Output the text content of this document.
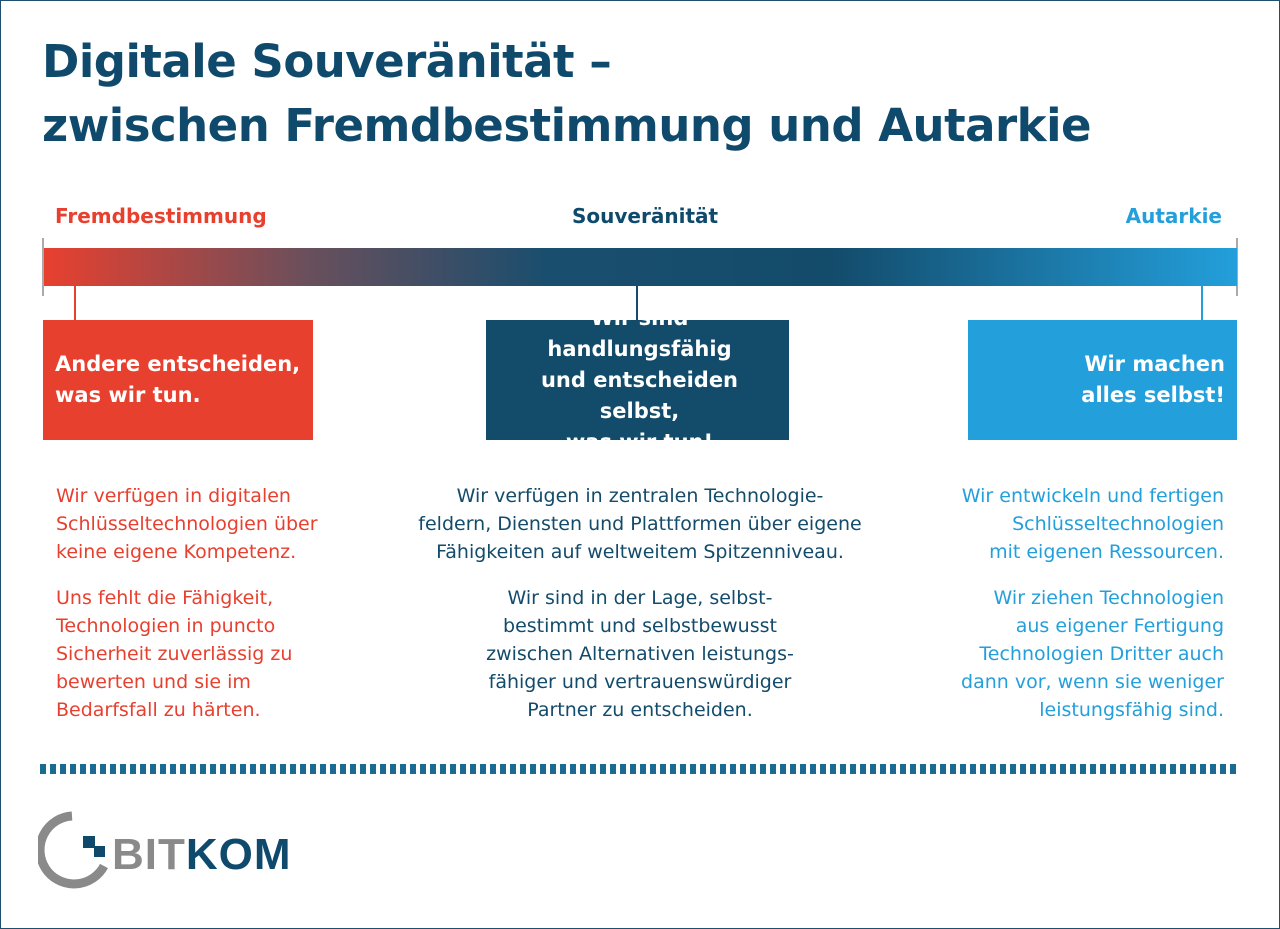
Digitale Souveränität –
zwischen Fremdbestimmung und Autarkie
Fremdbestimmung	Souveränität	Autarkie
Andere entscheiden,
was wir tun.
Wir sind handlungsfähig
und entscheiden selbst,
was wir tun!
Wir machen
alles selbst!

Wir verfügen in digitalen
Schlüsseltechnologien über
keine eigene Kompetenz.

Uns fehlt die Fähigkeit,
Technologien in puncto
Sicherheit zuverlässig zu
bewerten und sie im
Bedarfsfall zu härten.

Wir verfügen in zentralen Technologie-
feldern, Diensten und Plattformen über eigene
Fähigkeiten auf weltweitem Spitzenniveau.

Wir sind in der Lage, selbst-
bestimmt und selbstbewusst
zwischen Alternativen leistungs-
fähiger und vertrauenswürdiger
Partner zu entscheiden.

Wir entwickeln und fertigen
Schlüsseltechnologien
mit eigenen Ressourcen.

Wir ziehen Technologien
aus eigener Fertigung
Technologien Dritter auch
dann vor, wenn sie weniger
leistungsfähig sind.

BITKOM
